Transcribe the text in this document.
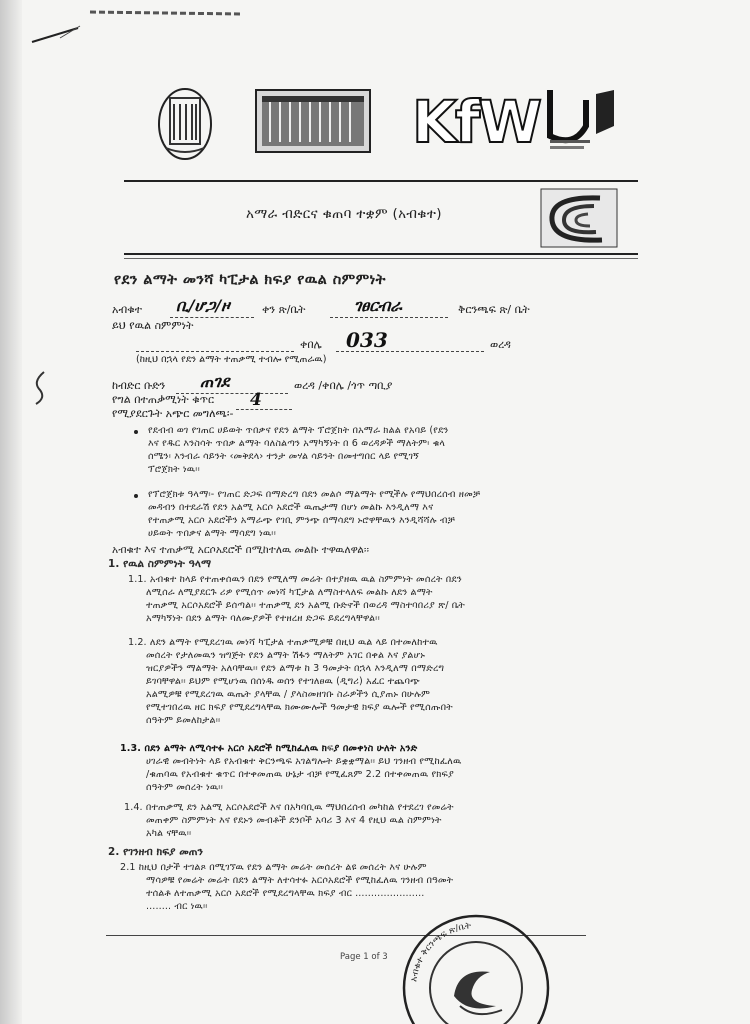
KfW
አማራ ብድርና ቁጠባ ተቋም (አብቁተ)
የደን ልማት መንሻ ካፒታል ክፍያ የዉል ስምምነት
አብቁተ ቢ/ሆጋ/ዞ	ቀን ጽ/ቤት	ገፀርብራ	ቅርንጫፍ ጽ/ ቤት
ይህ የዉል ስምምነት
ቀበሌ 033	ወረዳ
(ከዚህ በኋላ የደን ልማት ተጠቃሚ ተብሎ የሚጠራዉ)
ከብድር ቡድን ጠገደ	ወረዳ /ቀበሌ /ጎጥ ጣቢያ
የግል በተጠቃሚነት ቁጥር 4
የሚያደርጉት አጭር መግለጫ፡-
የደብብ ወገ የገጠር ሀይወት ጥበቃና የደን ልማት ፕሮጀክት በአማራ ክልል የአባይ (የደን
እና የዱር እንስሳት ጥበቃ ልማት ባለስልጣን አማካኝነት በ 6 ወረዳዎች ማለትም፡ ቁላ
ሰሜን፡ እንብራ ሳይንት ‹መቅደላ› ተንታ መሃል ሳይንት በመተግበር ላይ የሚገኝ
ፕሮጀክት ነዉ፡፡
የፕሮጀክቱ ዓላማ፡- የገጠር ድጋፍ በማድረግ በደን መልሶ ማልማት የሚችሉ የማህበረሰብ ዘመቻ
መዳብን በተደራሽ የደን አልሚ አርሶ አደሮች ዉጤታማ በሆነ መልኩ እንዲለማ እና
የተጠቃሚ አርሶ አደሮችን አማራጭ የገቢ ምንጭ በማሳደግ ኑሮዋቸዉን እንዲሻሻሉ ብቻ
ሀይወት ጥበቃና ልማት ማሳደግ ነዉ፡፡
አብቁተ እና ተጠቃሚ አርሶአደሮች በሚከተለዉ መልኩ ተዋዉለዋል፡፡
1. የዉል ስምምነት ዓላማ
1.1. አብቁተ ከላይ የተጠቀሰዉን በደን የሚለማ መሬት በተያዘዉ ዉል ስምምነት መሰረት በደን
ለሚሰራ ለሚያደርጉ ሪዎ የሚሰጥ መነሻ ካፒታል ለማስተላለፍ መልኩ ለደን ልማት
ተጠቃሚ አርሶአደሮች ይሰጣል፡፡ ተጠቃሚ ደን አልሚ ቡድኖች በወረዳ ማስተባበሪያ ጽ/ ቤት
አማካኝነት በደን ልማት ባለሙያዎች የተዘረዘ ድጋፍ ይደረግላቸዋል፡፡
1.2. ለደን ልማት የሚደረገዉ መነሻ ካፒታል ተጠቃሚዎቹ በዚህ ዉል ላይ በተመለከተዉ
መሰረት የታለመዉን ዝግጅት የደን ልማት ሽፋን ማለትም አገር በቀል እና ያልሆኑ
ዝርያዎችን ማልማት አለባቸዉ፡፡ የደን ልማቱ ከ 3 ዓመታት በኋላ እንዲለማ በማድረግ
ይገባቸዋል፡፡ ይህም የሚሆነዉ በሰነዱ ወሰን የተገለፀዉ (ዲግሪ) አፈር ተጨባጭ
አልሚዎቹ የሚደረገዉ ዉጤት ያላቸዉ / ያላስመዘገቡ ስራዎችን ሲያጠኑ በሁሉም
የሚተገበረዉ ዘር ክፍያ የሚደረግላቸዉ ክሙሙሎች ዓመታዊ ክፍያ ዉሎች የሚሰጡበት
ሰዓትም ይመለከታል፡፡
1.3. በደን ልማት ለሚሳተፉ አርሶ አደሮች ከሚከፈለዉ ክፍያ በመቀነስ ሁለት አንድ
ሀገራዊ መብትነት ላይ የአብቁተ ቅርንጫፍ አገልግሎት ይቋቋማል፡፡ ይህ ገንዘብ የሚከፈለዉ
/ቁጠባዉ የአብቁተ ቁጥር በተቀመጠዉ ሁኔታ ብቻ የሚፈጸም 2.2 በተቀመጠዉ የክፍያ
ሰዓትም መሰረት ነዉ፡፡
1.4. በተጠቃሚ ደን አልሚ አርሶአደሮች እና በአካባቢዉ ማህበረሰብ መካከል የተደረገ የመሬት
መጠቀም ስምምነት እና የደኑን መብቶች ደንቦች አባሪ 3 እና 4 የዚህ ዉል ስምምነት
አካል ናቸዉ፡፡
2. የገንዘብ ክፍያ መጠን
2.1 ከዚህ በታች ተገልጾ በሚገኘዉ የደን ልማት መሬት መሰረት ልዩ መሰረት እና ሁሉም
ማሳዎቹ የመሬት መሬት በደን ልማት ለተሳተፉ አርሶአደሮች የሚከፈለዉ ገንዘብ በዓመት
ተሰልቶ ለተጠቃሚ አርሶ አደሮች የሚደረግላቸዉ ክፍያ ብር ......................
........ ብር ነዉ፡፡
Page 1 of 3
አብቁተ ቅርንጫፍ ጽ/ቤት
